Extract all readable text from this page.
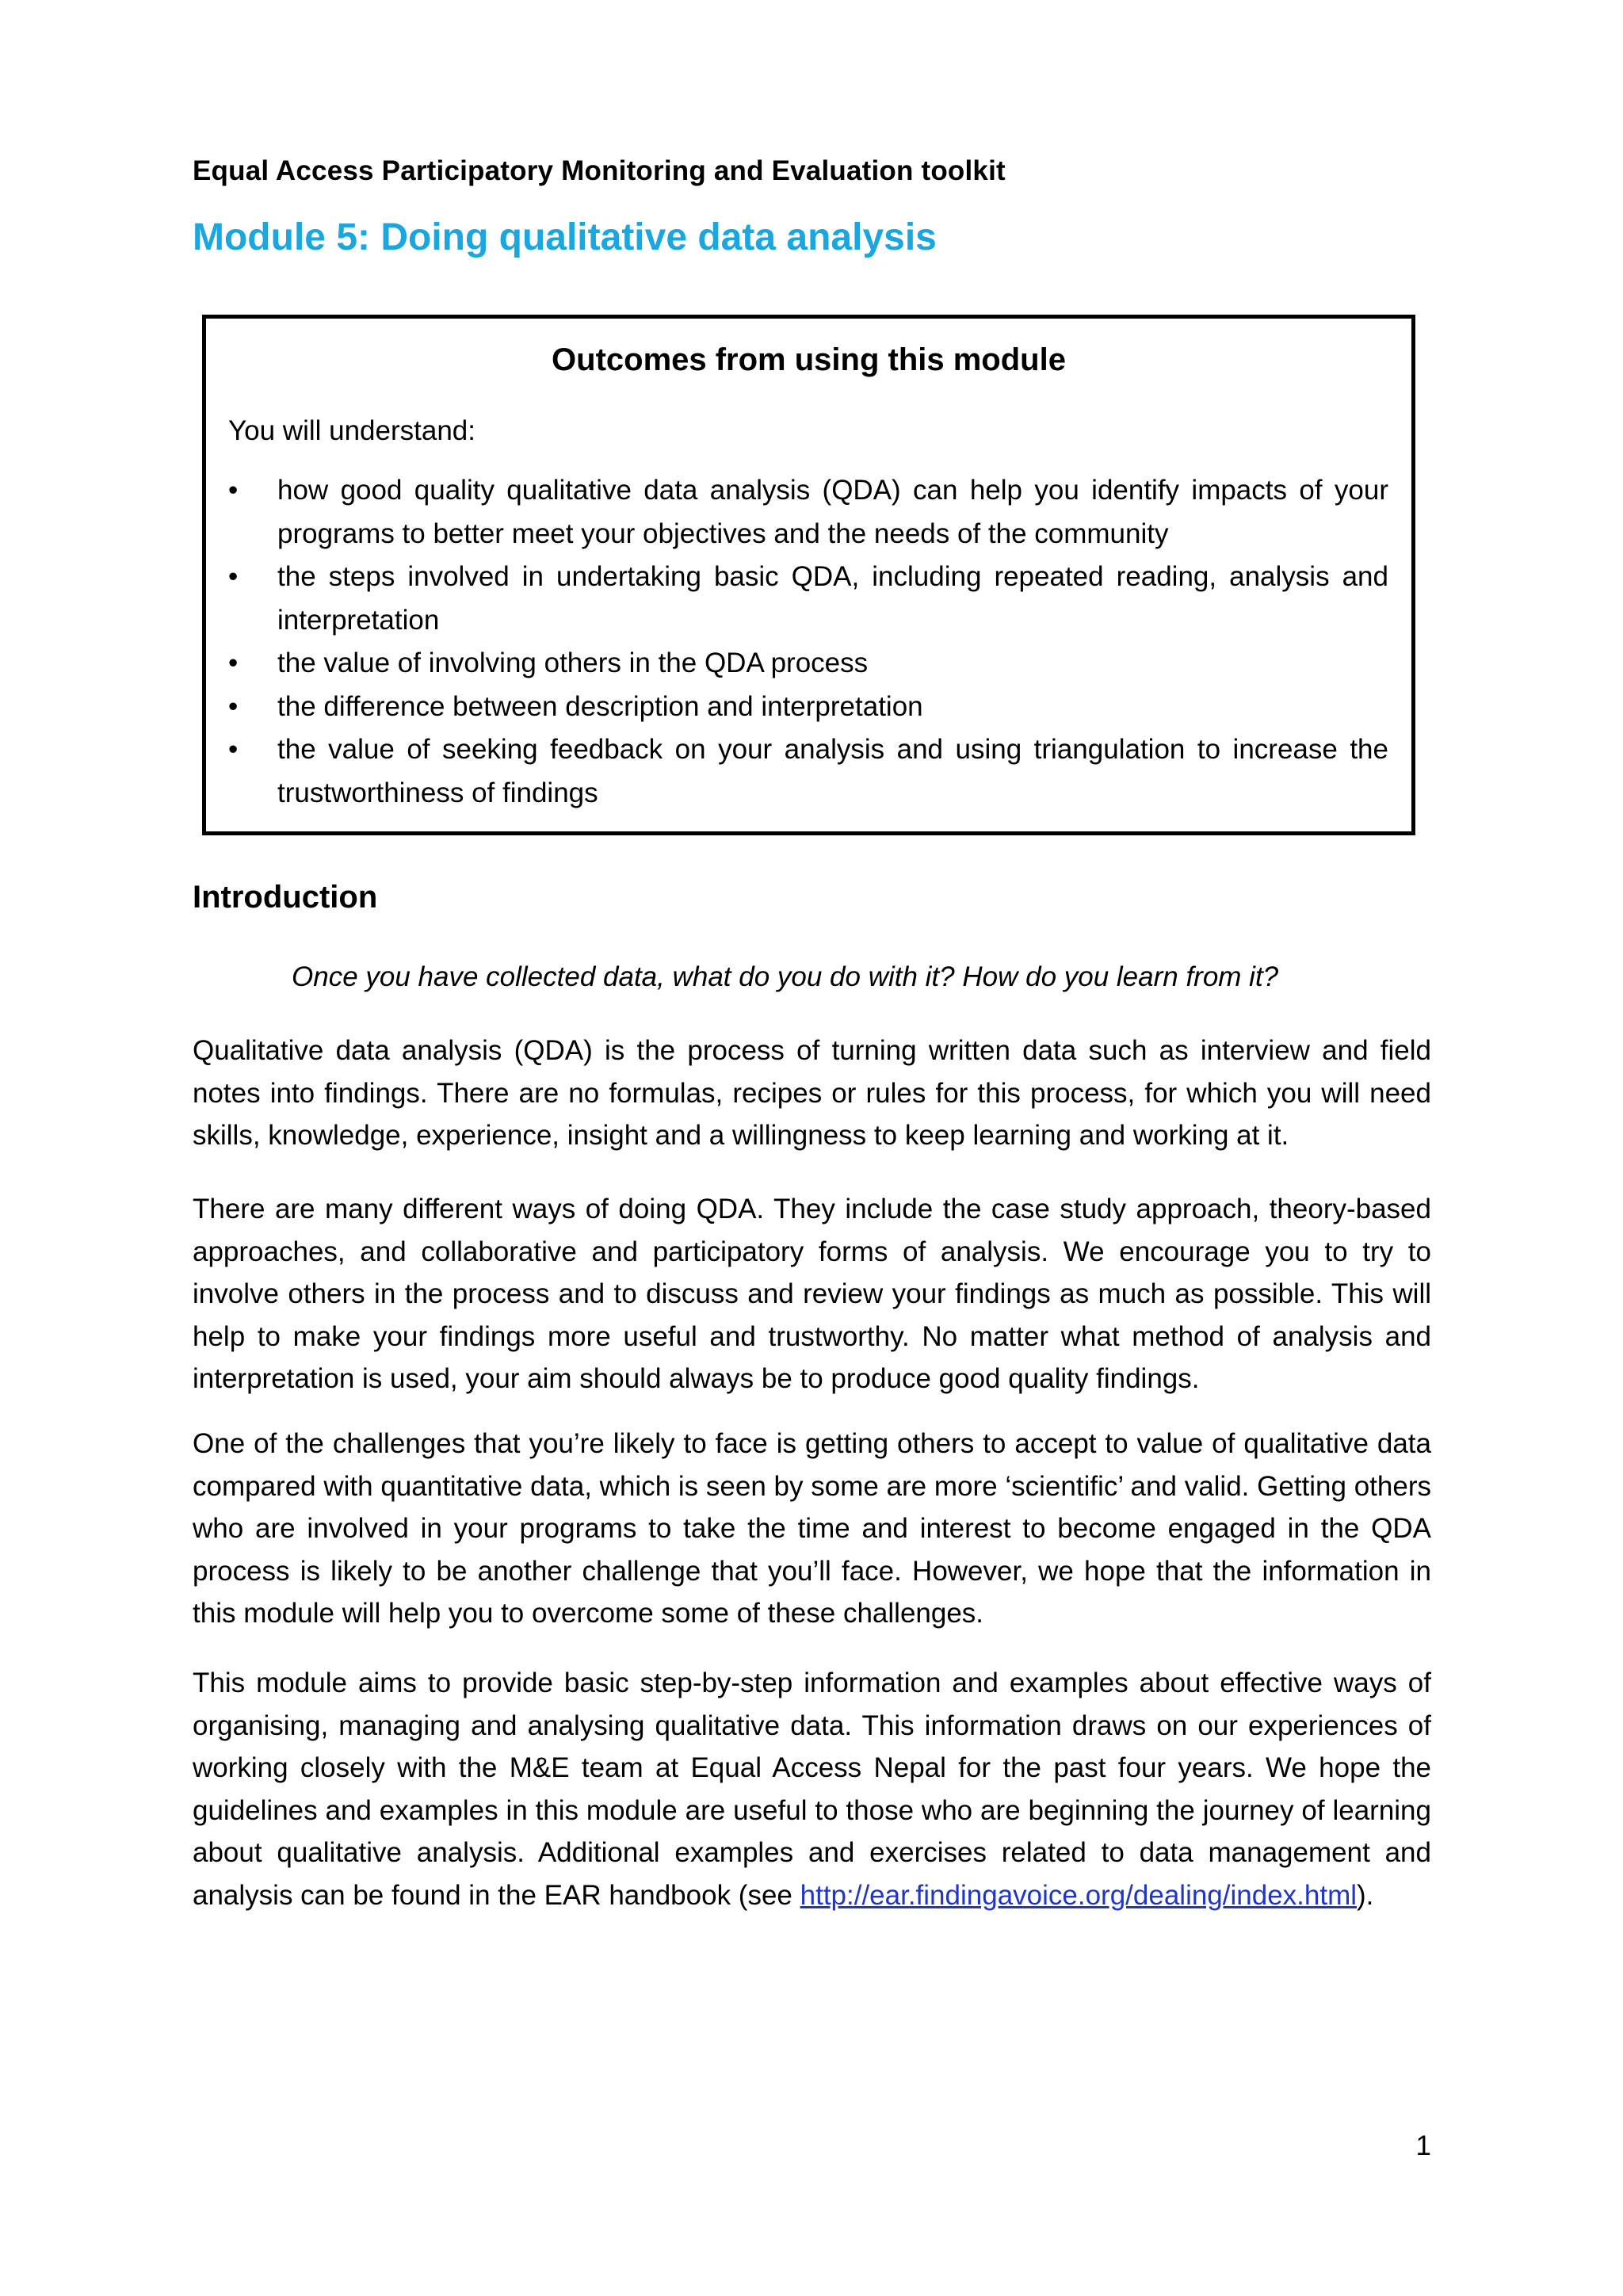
Equal Access Participatory Monitoring and Evaluation toolkit
Module 5: Doing qualitative data analysis
Outcomes from using this module
You will understand:
•	how good quality qualitative data analysis (QDA) can help you identify impacts of your programs to better meet your objectives and the needs of the community
•	the steps involved in undertaking basic QDA, including repeated reading, analysis and interpretation
•	the value of involving others in the QDA process
•	the difference between description and interpretation
•	the value of seeking feedback on your analysis and using triangulation to increase the trustworthiness of findings
Introduction
Once you have collected data, what do you do with it? How do you learn from it?

Qualitative data analysis (QDA) is the process of turning written data such as interview and field notes into findings. There are no formulas, recipes or rules for this process, for which you will need skills, knowledge, experience, insight and a willingness to keep learning and working at it.

There are many different ways of doing QDA. They include the case study approach, theory-based approaches, and collaborative and participatory forms of analysis. We encourage you to try to involve others in the process and to discuss and review your findings as much as possible. This will help to make your findings more useful and trustworthy. No matter what method of analysis and interpretation is used, your aim should always be to produce good quality findings.

One of the challenges that you’re likely to face is getting others to accept to value of qualitative data compared with quantitative data, which is seen by some are more ‘scientific’ and valid. Getting others who are involved in your programs to take the time and interest to become engaged in the QDA process is likely to be another challenge that you’ll face. However, we hope that the information in this module will help you to overcome some of these challenges.

This module aims to provide basic step-by-step information and examples about effective ways of organising, managing and analysing qualitative data. This information draws on our experiences of working closely with the M&E team at Equal Access Nepal for the past four years. We hope the guidelines and examples in this module are useful to those who are beginning the journey of learning about qualitative analysis. Additional examples and exercises related to data management and analysis can be found in the EAR handbook (see http://ear.findingavoice.org/dealing/index.html).

1
